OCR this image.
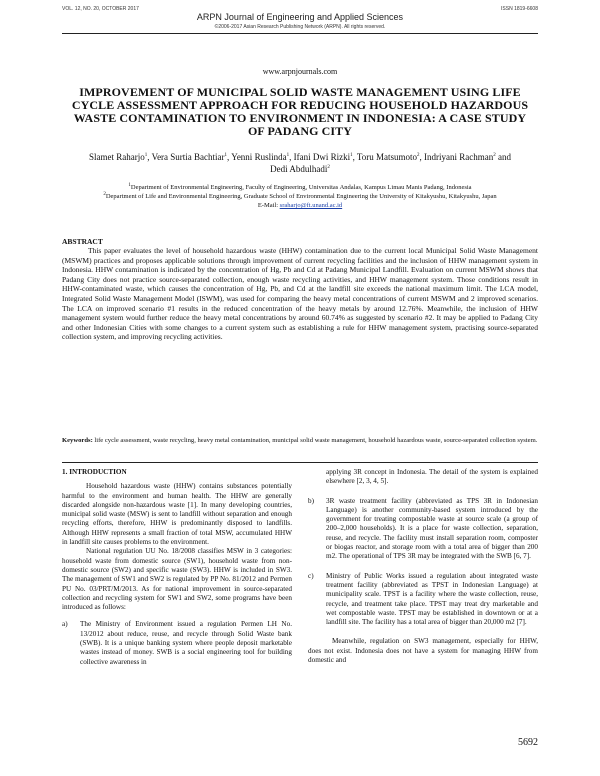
VOL. 12, NO. 20, OCTOBER 2017	ISSN 1819-6608
ARPN Journal of Engineering and Applied Sciences
©2006-2017 Asian Research Publishing Network (ARPN). All rights reserved.
www.arpnjournals.com
IMPROVEMENT OF MUNICIPAL SOLID WASTE MANAGEMENT USING LIFE CYCLE ASSESSMENT APPROACH FOR REDUCING HOUSEHOLD HAZARDOUS WASTE CONTAMINATION TO ENVIRONMENT IN INDONESIA: A CASE STUDY OF PADANG CITY
Slamet Raharjo$^1$, Vera Surtia Bachtiar$^1$, Yenni Ruslinda$^1$, Ifani Dwi Rizki$^1$, Toru Matsumoto$^2$, Indriyani Rachman$^2$ and Dedi Abdulhadi$^2$
$^1$Department of Environmental Engineering, Faculty of Engineering, Universitas Andalas, Kampus Limau Manis Padang, Indonesia
$^2$Department of Life and Environmental Engineering, Graduate School of Environmental Engineering the University of Kitakyushu, Kitakyushu, Japan
E-Mail: sraharjo@ft.unand.ac.id
ABSTRACT
This paper evaluates the level of household hazardous waste (HHW) contamination due to the current local Municipal Solid Waste Management (MSWM) practices and proposes applicable solutions through improvement of current recycling facilities and the inclusion of HHW management system in Indonesia. HHW contamination is indicated by the concentration of Hg, Pb and Cd at Padang Municipal Landfill. Evaluation on current MSWM shows that Padang City does not practice source-separated collection, enough waste recycling activities, and HHW management system. Those conditions result in HHW-contaminated waste, which causes the concentration of Hg, Pb, and Cd at the landfill site exceeds the national maximum limit. The LCA model, Integrated Solid Waste Management Model (ISWM), was used for comparing the heavy metal concentrations of current MSWM and 2 improved scenarios. The LCA on improved scenario #1 results in the reduced concentration of the heavy metals by around 12.76%. Meanwhile, the inclusion of HHW management system would further reduce the heavy metal concentrations by around 60.74% as suggested by scenario #2. It may be applied to Padang City and other Indonesian Cities with some changes to a current system such as establishing a rule for HHW management system, practising source-separated collection system, and improving recycling activities.
Keywords: life cycle assessment, waste recycling, heavy metal contamination, municipal solid waste management, household hazardous waste, source-separated collection system.

1. INTRODUCTION

Household hazardous waste (HHW) contains substances potentially harmful to the environment and human health. The HHW are generally discarded alongside non-hazardous waste [1]. In many developing countries, municipal solid waste (MSW) is sent to landfill without separation and enough recycling efforts, therefore, HHW is predominantly disposed to landfills. Although HHW represents a small fraction of total MSW, accumulated HHW in landfill site causes problems to the environment.

National regulation UU No. 18/2008 classifies MSW in 3 categories: household waste from domestic source (SW1), household waste from non-domestic source (SW2) and specific waste (SW3). HHW is included in SW3. The management of SW1 and SW2 is regulated by PP No. 81/2012 and Permen PU No. 03/PRT/M/2013. As for national improvement in source-separated collection and recycling system for SW1 and SW2, some programs have been introduced as follows:

a) The Ministry of Environment issued a regulation Permen LH No. 13/2012 about reduce, reuse, and recycle through Solid Waste bank (SWB). It is a unique banking system where people deposit marketable wastes instead of money. SWB is a social engineering tool for building collective awareness in

applying 3R concept in Indonesia. The detail of the system is explained elsewhere [2, 3, 4, 5].

b) 3R waste treatment facility (abbreviated as TPS 3R in Indonesian Language) is another community-based system introduced by the government for treating compostable waste at source scale (a group of 200–2,000 households). It is a place for waste collection, separation, reuse, and recycle. The facility must install separation room, composter or biogas reactor, and storage room with a total area of bigger than 200 m2. The operational of TPS 3R may be integrated with the SWB [6, 7].

c) Ministry of Public Works issued a regulation about integrated waste treatment facility (abbreviated as TPST in Indonesian Language) at municipality scale. TPST is a facility where the waste collection, reuse, recycle, and treatment take place. TPST may treat dry marketable and wet compostable waste. TPST may be established in downtown or at a landfill site. The facility has a total area of bigger than 20,000 m2 [7].

Meanwhile, regulation on SW3 management, especially for HHW, does not exist. Indonesia does not have a system for managing HHW from domestic and

5692
